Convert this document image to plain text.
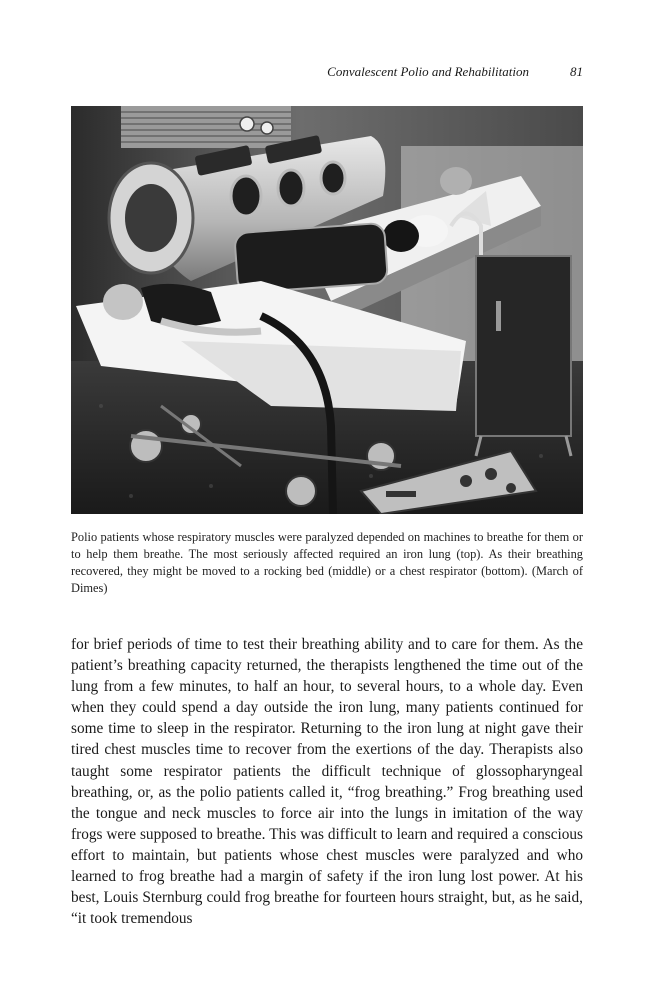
Convalescent Polio and Rehabilitation	81

Polio patients whose respiratory muscles were paralyzed depended on machines to breathe for them or to help them breathe. The most seriously affected required an iron lung (top). As their breathing recovered, they might be moved to a rocking bed (middle) or a chest respirator (bottom). (March of Dimes)

for brief periods of time to test their breathing ability and to care for them. As the patient’s breathing capacity returned, the therapists lengthened the time out of the lung from a few minutes, to half an hour, to several hours, to a whole day. Even when they could spend a day outside the iron lung, many patients continued for some time to sleep in the respirator. Returning to the iron lung at night gave their tired chest muscles time to recover from the exertions of the day. Therapists also taught some respirator patients the difficult technique of glossopharyngeal breathing, or, as the polio patients called it, “frog breathing.” Frog breathing used the tongue and neck muscles to force air into the lungs in imitation of the way frogs were supposed to breathe. This was difficult to learn and required a conscious effort to maintain, but patients whose chest muscles were paralyzed and who learned to frog breathe had a margin of safety if the iron lung lost power. At his best, Louis Sternburg could frog breathe for fourteen hours straight, but, as he said, “it took tremendous
